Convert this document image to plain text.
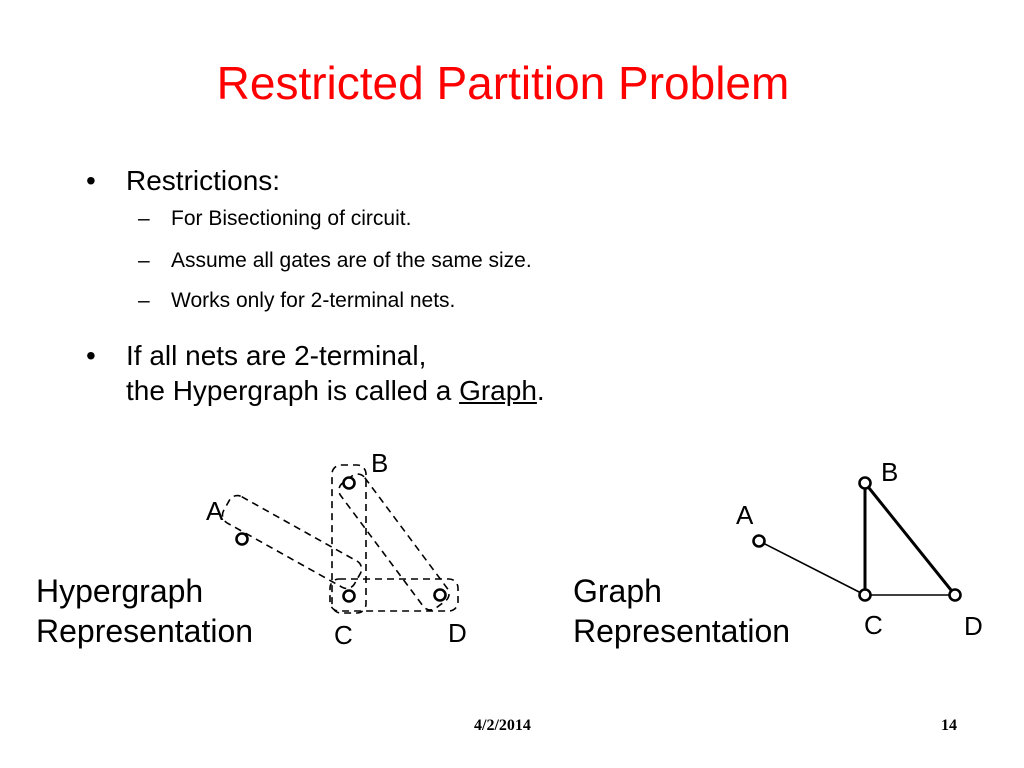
Restricted Partition Problem
• Restrictions:
– For Bisectioning of circuit.
– Assume all gates are of the same size.
– Works only for 2-terminal nets.
• If all nets are 2-terminal,
the Hypergraph is called a Graph.
A
B
C	D
A
B
C	D
Hypergraph
Representation
Graph
Representation
4/2/2014	14
